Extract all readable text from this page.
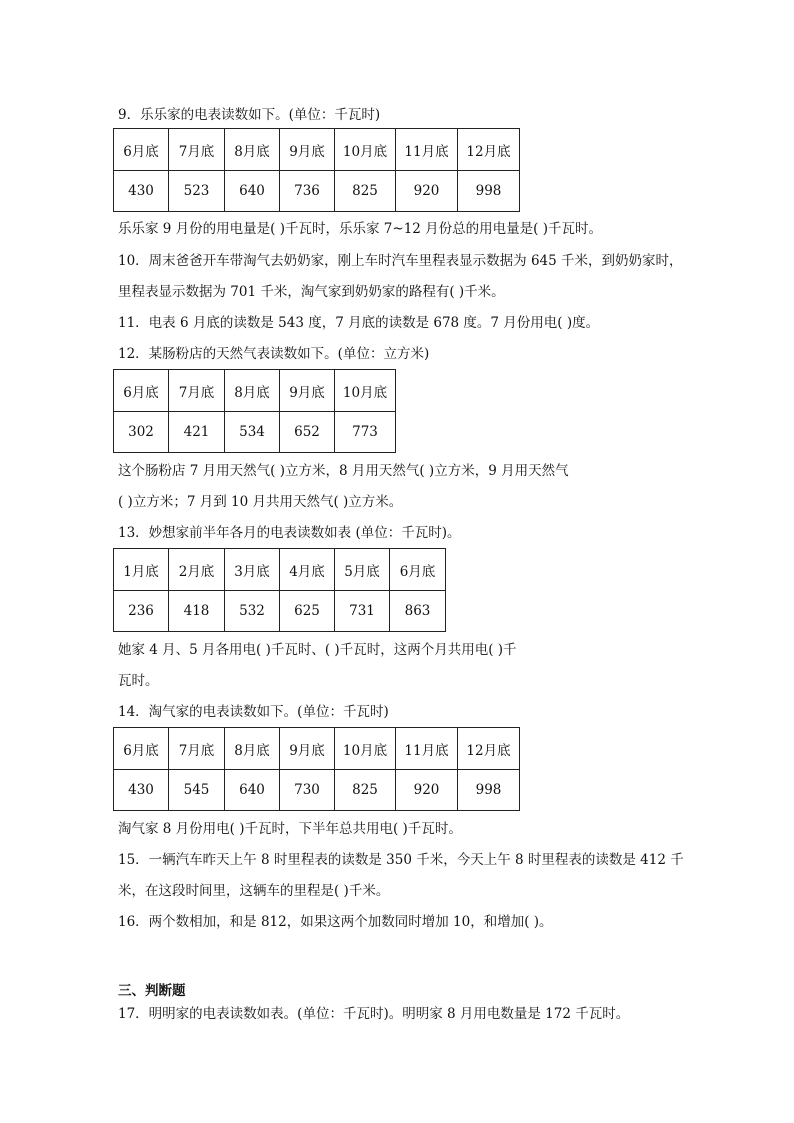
9．乐乐家的电表读数如下。(单位：千瓦时)
6月底	7月底	8月底	9月底	10月底	11月底	12月底
430	523	640	736	825	920	998
乐乐家 9 月份的用电量是( )千瓦时，乐乐家 7~12 月份总的用电量是( )千瓦时。
10．周末爸爸开车带淘气去奶奶家，刚上车时汽车里程表显示数据为 645 千米，到奶奶家时，
里程表显示数据为 701 千米，淘气家到奶奶家的路程有( )千米。
11．电表 6 月底的读数是 543 度，7 月底的读数是 678 度。7 月份用电( )度。
12．某肠粉店的天然气表读数如下。(单位：立方米)
6月底	7月底	8月底	9月底	10月底
302	421	534	652	773
这个肠粉店 7 月用天然气( )立方米，8 月用天然气( )立方米，9 月用天然气
( )立方米；7 月到 10 月共用天然气( )立方米。
13．妙想家前半年各月的电表读数如表 (单位：千瓦时)。
1月底	2月底	3月底	4月底	5月底	6月底
236	418	532	625	731	863
她家 4 月、5 月各用电( )千瓦时、( )千瓦时，这两个月共用电( )千
瓦时。
14．淘气家的电表读数如下。(单位：千瓦时)
6月底	7月底	8月底	9月底	10月底	11月底	12月底
430	545	640	730	825	920	998
淘气家 8 月份用电( )千瓦时，下半年总共用电( )千瓦时。
15．一辆汽车昨天上午 8 时里程表的读数是 350 千米，今天上午 8 时里程表的读数是 412 千
米，在这段时间里，这辆车的里程是( )千米。
16．两个数相加，和是 812，如果这两个加数同时增加 10，和增加( )。
三、判断题
17．明明家的电表读数如表。(单位：千瓦时)。明明家 8 月用电数量是 172 千瓦时。
